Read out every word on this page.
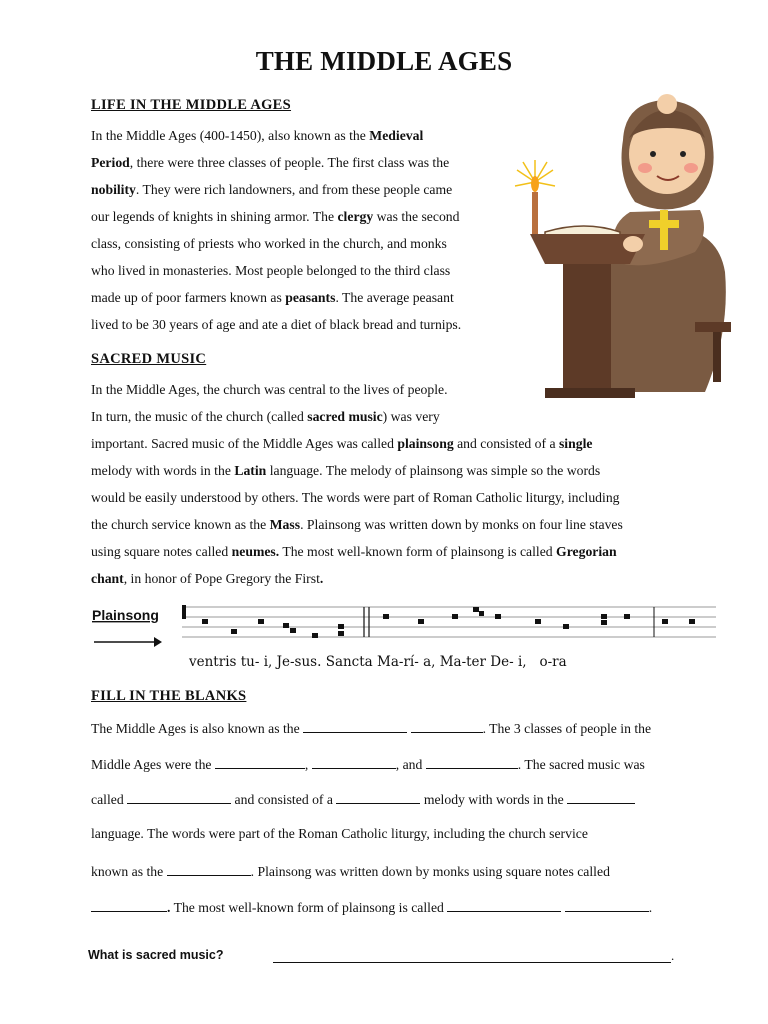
THE MIDDLE AGES
LIFE IN THE MIDDLE AGES
In the Middle Ages (400-1450), also known as the Medieval
Period, there were three classes of people. The first class was the
nobility. They were rich landowners, and from these people came
our legends of knights in shining armor. The clergy was the second
class, consisting of priests who worked in the church, and monks
who lived in monasteries. Most people belonged to the third class
made up of poor farmers known as peasants. The average peasant
lived to be 30 years of age and ate a diet of black bread and turnips.
SACRED MUSIC
In the Middle Ages, the church was central to the lives of people.
In turn, the music of the church (called sacred music) was very
important. Sacred music of the Middle Ages was called plainsong and consisted of a single
melody with words in the Latin language. The melody of plainsong was simple so the words
would be easily understood by others. The words were part of Roman Catholic liturgy, including
the church service known as the Mass. Plainsong was written down by monks on four line staves
using square notes called neumes. The most well-known form of plainsong is called Gregorian
chant, in honor of Pope Gregory the First.
Plainsong
ventris tu- i, Je-sus. Sancta Ma-rí- a, Ma-ter De- i,   o-ra
FILL IN THE BLANKS
The Middle Ages is also known as the	. The 3 classes of people in the
Middle Ages were the	,	, and	. The sacred music was
called	and consisted of a	melody with words in the
language. The words were part of the Roman Catholic liturgy, including the church service
known as the	. Plainsong was written down by monks using square notes called
. The most well-known form of plainsong is called	.
What is sacred music?	.
